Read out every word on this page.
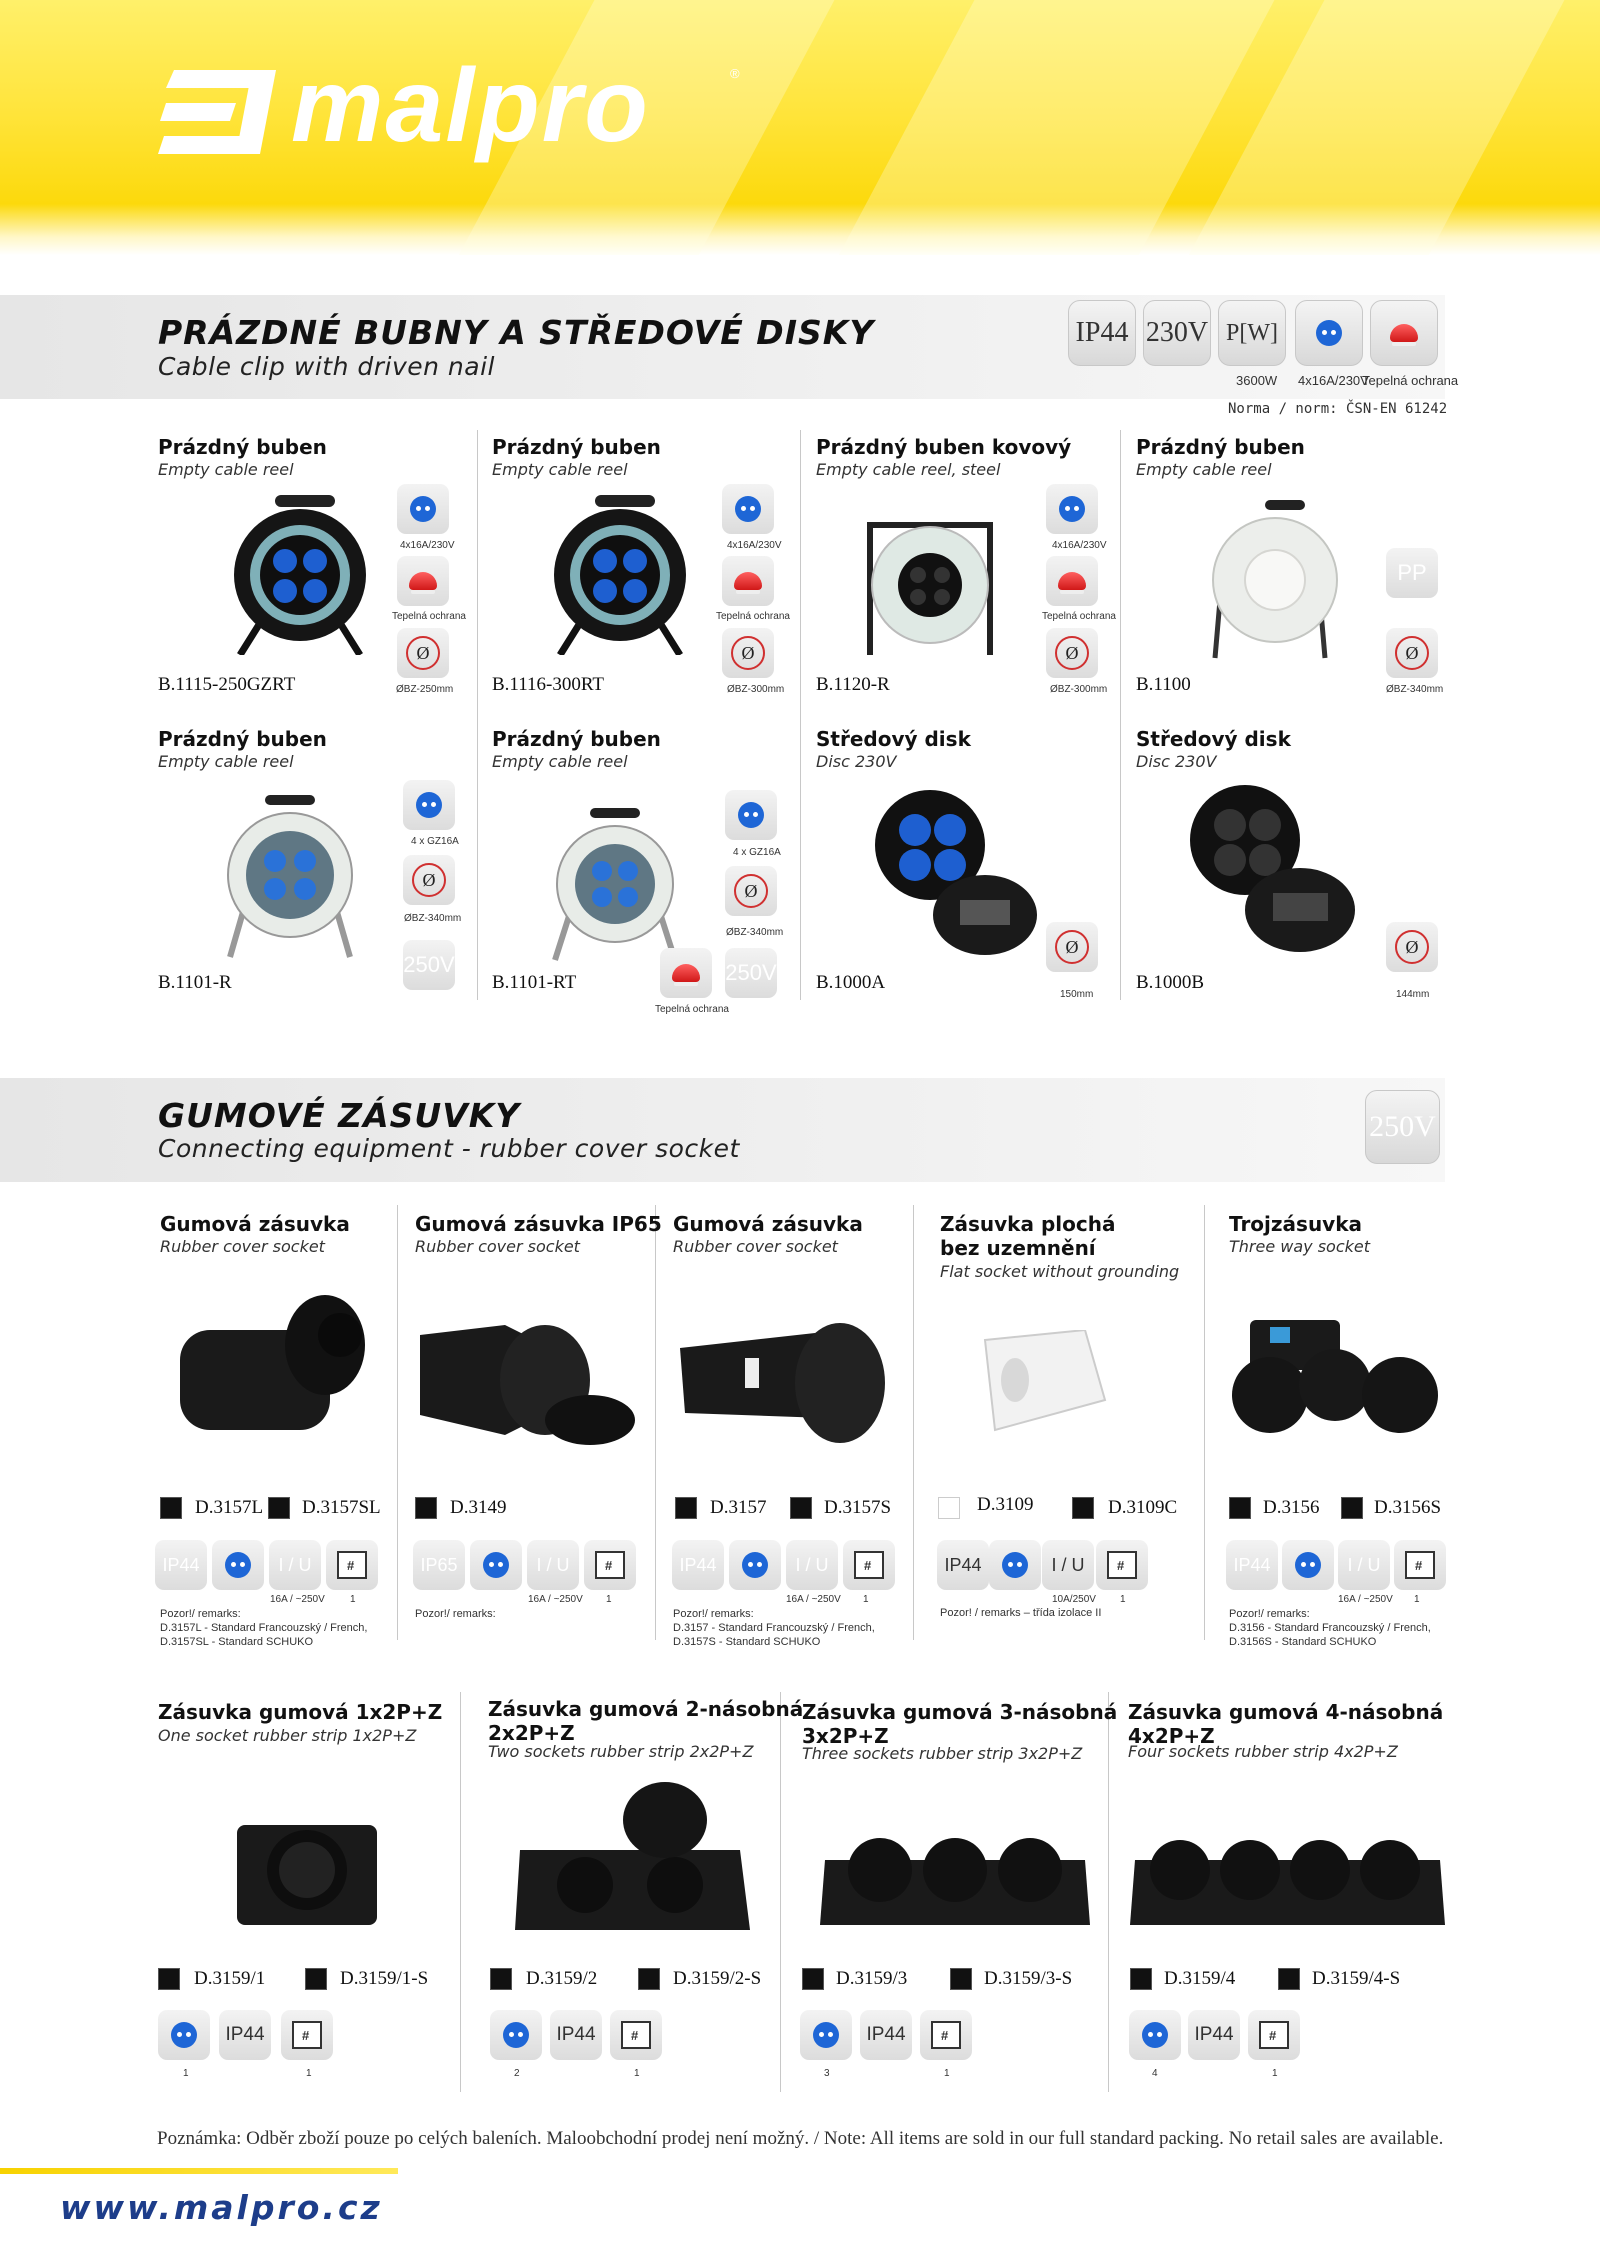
malpro	®
PRÁZDNÉ BUBNY A STŘEDOVÉ DISKY
Cable clip with driven nail
IP44 230V P[W]
3600W 4x16A/230V
Tepelná ochrana
Norma / norm: ČSN-EN 61242
Prázdný buben
Empty cable reel
4x16A/230V
Tepelná ochrana
Ø
ØBZ-250mm
B.1115-250GZRT
Prázdný buben
Empty cable reel
4x16A/230V
Tepelná ochrana
Ø
ØBZ-300mm
B.1116-300RT
Prázdný buben kovový
Empty cable reel, steel
4x16A/230V
Tepelná ochrana
Ø
ØBZ-300mm
B.1120-R
Prázdný buben
Empty cable reel
PP
Ø
ØBZ-340mm
B.1100
Prázdný buben
Empty cable reel
4 x GZ16A
Ø
ØBZ-340mm
250V
B.1101-R
Prázdný buben
Empty cable reel
4 x GZ16A
Ø
ØBZ-340mm
Tepelná ochrana
250V
B.1101-RT
Středový disk
Disc 230V
Ø
150mm
B.1000A
Středový disk
Disc 230V
Ø
144mm
B.1000B
GUMOVÉ ZÁSUVKY
Connecting equipment - rubber cover socket
250V
Gumová zásuvka
Rubber cover socket
D.3157L D.3157SL
IP44	I / U
#
16A / ~250V	1
Pozor!/ remarks:
D.3157L - Standard Francouzský / French,
D.3157SL - Standard SCHUKO
Gumová zásuvka IP65
Rubber cover socket
D.3149
IP65	I / U
#
16A / ~250V 1
Pozor!/ remarks:
Gumová zásuvka
Rubber cover socket
D.3157	D.3157S
IP44	I / U
#
16A / ~250V 1
Pozor!/ remarks:
D.3157 - Standard Francouzský / French,
D.3157S - Standard SCHUKO
Zásuvka plochá
bez uzemnění
Flat socket without grounding
D.3109	D.3109C
IP44	I / U
#
10A/250V 1
Pozor! / remarks – třída izolace II
Trojzásuvka
Three way socket
D.3156	D.3156S
IP44	I / U
#
16A / ~250V 1
Pozor!/ remarks:
D.3156 - Standard Francouzský / French,
D.3156S - Standard SCHUKO
Zásuvka gumová 1x2P+Z
One socket rubber strip 1x2P+Z
D.3159/1	D.3159/1-S
IP44
#
1	1
Zásuvka gumová 2-násobná
2x2P+Z
Two sockets rubber strip 2x2P+Z
D.3159/2	D.3159/2-S
IP44
#
2	1
Zásuvka gumová 3-násobná
3x2P+Z
Three sockets rubber strip 3x2P+Z
D.3159/3	D.3159/3-S
IP44
#
3	1
Zásuvka gumová 4-násobná
4x2P+Z
Four sockets rubber strip 4x2P+Z
D.3159/4	D.3159/4-S
IP44
#
4	1
Poznámka: Odběr zboží pouze po celých baleních. Maloobchodní prodej není možný. / Note: All items are sold in our full standard packing. No retail sales are available.
www.malpro.cz
